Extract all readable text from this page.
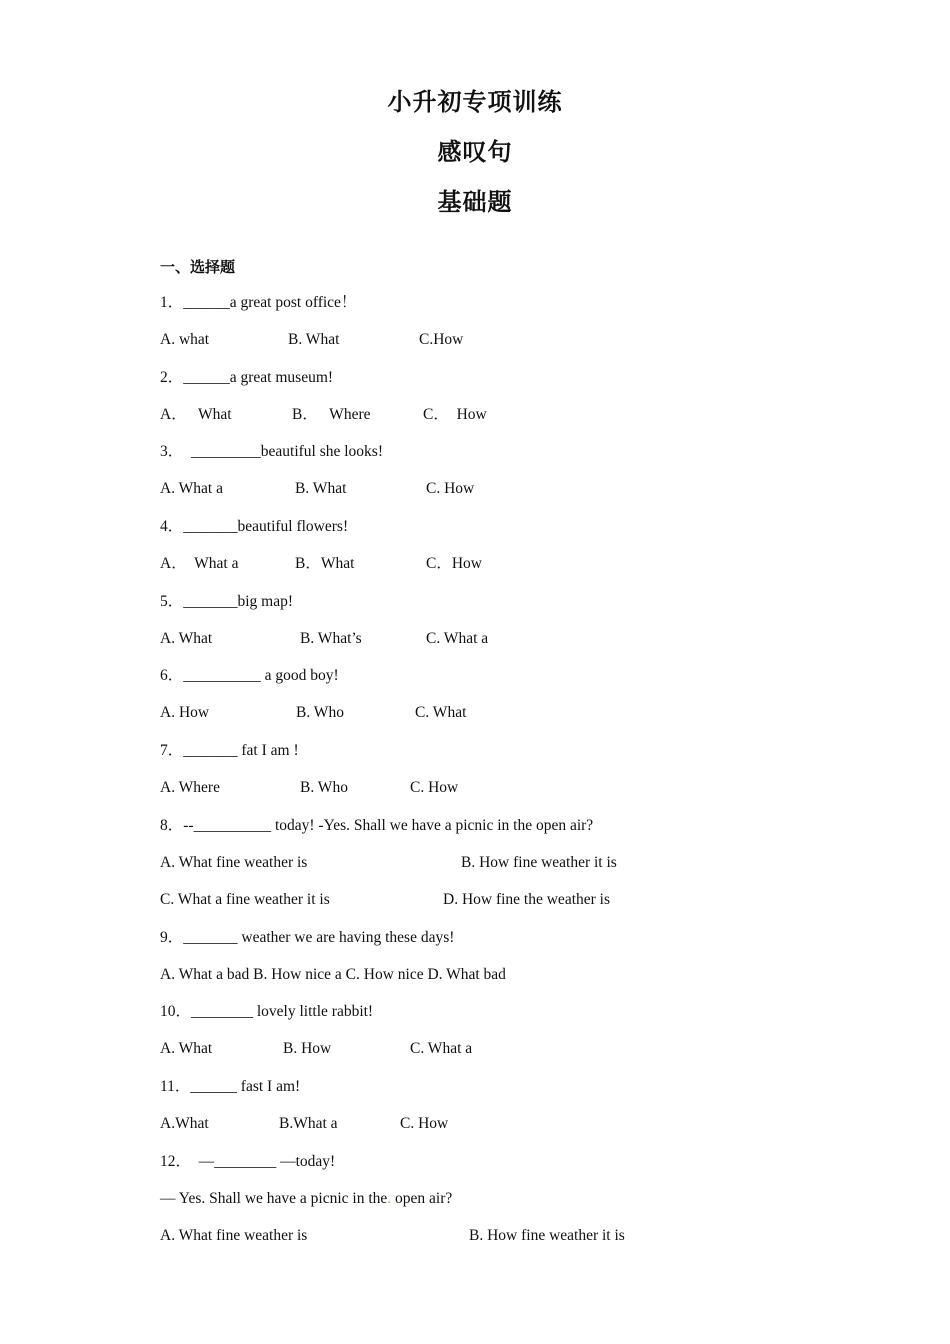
小升初专项训练
感叹句
基础题
一、选择题
1．______a great post office！
A. what	B. What	C.How
2．______a great museum!
A．   What	B．   Where	C．  How
3．  _________beautiful she looks!
A. What a	B. What	C. How
4．_______beautiful flowers!
A．  What a	B．What	C．How
5．_______big map!
A. What	B. What’s	C. What a
6．__________ a good boy!
A. How	B. Who	C. What
7．_______ fat I am !
A. Where	B. Who	C. How
8．--__________ today! -Yes. Shall we have a picnic in the open air?
A. What fine weather is	B. How fine weather it is
C. What a fine weather it is	D. How fine the weather is
9．_______ weather we are having these days!
A. What a bad B. How nice a C. How nice D. What bad
10．________ lovely little rabbit!
A. What	B. How	C. What a
11．______ fast I am!
A.What	B.What a	C. How
12．  —________ —today!
— Yes. Shall we have a picnic in the. open air?
A. What fine weather is	B. How fine weather it is
